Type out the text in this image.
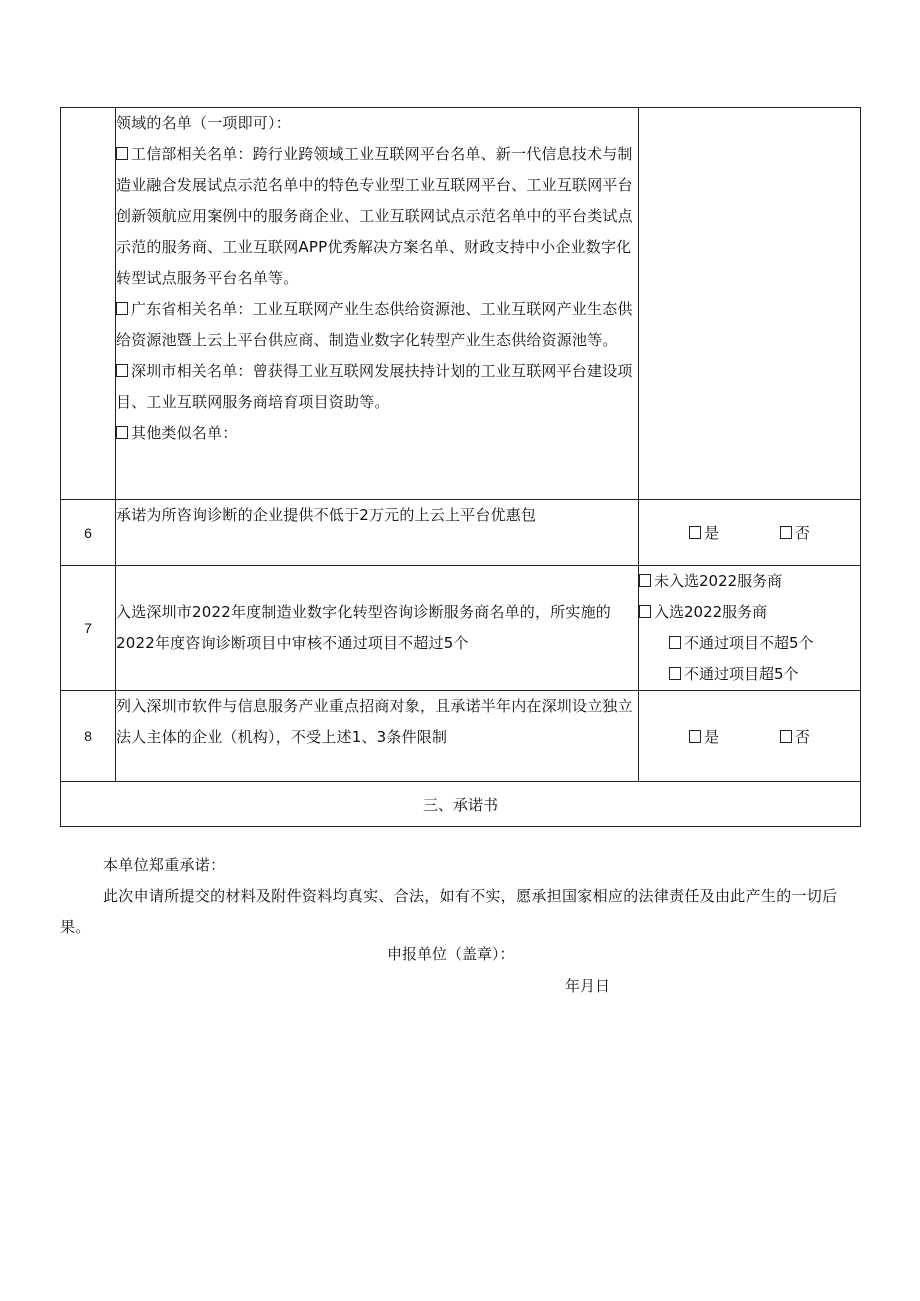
	领域的名单（一项即可）：

工信部相关名单：跨行业跨领域工业互联网平台名单、新一代信息技术与制造业融合发展试点示范名单中的特色专业型工业互联网平台、工业互联网平台创新领航应用案例中的服务商企业、工业互联网试点示范名单中的平台类试点示范的服务商、工业互联网APP优秀解决方案名单、财政支持中小企业数字化转型试点服务平台名单等。

广东省相关名单：工业互联网产业生态供给资源池、工业互联网产业生态供给资源池暨上云上平台供应商、制造业数字化转型产业生态供给资源池等。

深圳市相关名单：曾获得工业互联网发展扶持计划的工业互联网平台建设项目、工业互联网服务商培育项目资助等。

其他类似名单：	

6	承诺为所咨询诊断的企业提供不低于2万元的上云上平台优惠包	是 否
7	入选深圳市2022年度制造业数字化转型咨询诊断服务商名单的，所实施的2022年度咨询诊断项目中审核不通过项目不超过5个	未入选2022服务商
入选2022服务商
不通过项目不超5个
不通过项目超5个

8	列入深圳市软件与信息服务产业重点招商对象，且承诺半年内在深圳设立独立法人主体的企业（机构），不受上述1、3条件限制	是 否
三、承诺书		

本单位郑重承诺：

此次申请所提交的材料及附件资料均真实、合法，如有不实，愿承担国家相应的法律责任及由此产生的一切后果。

申报单位（盖章）：
年月日
